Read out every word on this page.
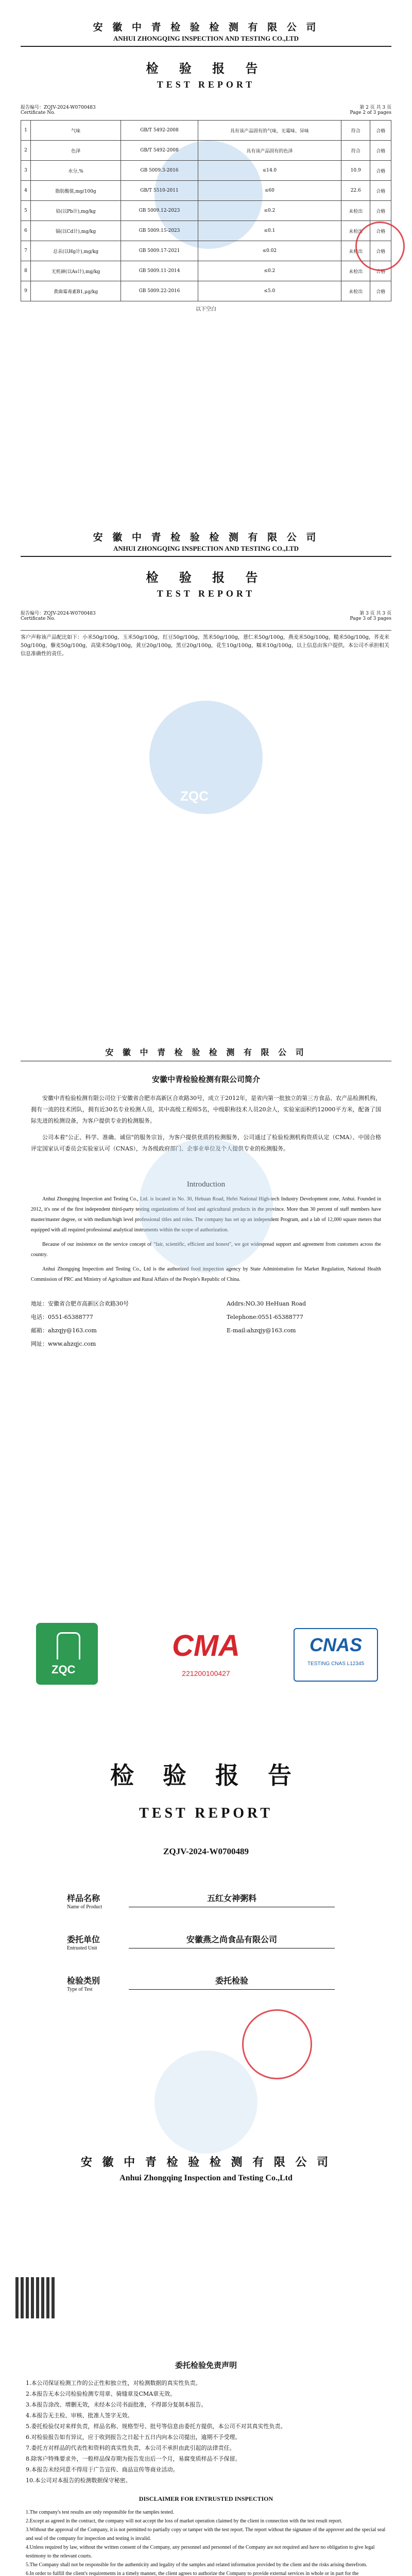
安 徽 中 青 检 验 检 测 有 限 公 司
ANHUI ZHONGQING INSPECTION AND TESTING CO.,LTD
检 验 报 告
TEST REPORT
报告编号：ZQJV-2024-W0700483
Certificate No.
第 2 页 共 3 页
Page 2 of 3 pages
1	气味	GB/T 5492-2008	具有该产品固有的气味，无霉味、异味	符合	合格
2	色泽	GB/T 5492-2008	具有该产品固有的色泽	符合	合格
3	水分,%	GB 5009.3-2016	≤14.0	10.9	合格
4	脂肪酸值,mg/100g	GB/T 5510-2011	≤60	22.6	合格
5	铅(以Pb计),mg/kg	GB 5009.12-2023	≤0.2	未检出	合格
6	镉(以Cd计),mg/kg	GB 5009.15-2023	≤0.1	未检出	合格
7	总汞(以Hg计),mg/kg	GB 5009.17-2021	≤0.02	未检出	合格
8	无机砷(以As计),mg/kg	GB 5009.11-2014	≤0.2	未检出	合格
9	黄曲霉毒素B1,μg/kg	GB 5009.22-2016	≤5.0	未检出	合格
以下空白
安 徽 中 青 检 验 检 测 有 限 公 司
ANHUI ZHONGQING INSPECTION AND TESTING CO.,LTD
检 验 报 告
TEST REPORT
报告编号：ZQJV-2024-W0700483
Certificate No.
第 3 页 共 3 页
Page 3 of 3 pages
客户声称该产品配比如下：小米50g/100g，玉米50g/100g，红豆50g/100g，黑米50g/100g，薏仁米50g/100g，燕麦米50g/100g，糙米50g/100g，荞麦米50g/100g，藜麦50g/100g，高粱米50g/100g，黄豆20g/100g，黑豆20g/100g，花生10g/100g，糯米10g/100g，以上信息由客户提供，本公司不承担相关信息准确性的责任。
ZQC
安 徽 中 青 检 验 检 测 有 限 公 司
安徽中青检验检测有限公司简介
安徽中青检验检测有限公司位于安徽省合肥市高新区合欢路30号，成立于2012年，是省内第一批独立的第三方食品、农产品检测机构，拥有一流的技术团队，拥有近30名专业检测人员，其中高级工程师5名，中级职称技术人员20余人，实验室面积约12000平方米，配备了国际先进的检测设备，为客户提供专业的检测服务。
公司本着"公正、科学、准确、诚信"的服务宗旨，为客户提供优质的检测服务，公司通过了检验检测机构资质认定（CMA）、中国合格评定国家认可委员会实验室认可（CNAS），为各级政府部门、企事业单位及个人提供专业的检测服务。
Introduction
Anhui Zhongqing Inspection and Testing Co., Ltd. is located in No. 30, Hehuan Road, Hefei National High-tech Industry Development zone, Anhui. Founded in 2012, it's one of the first independent third-party testing organizations of food and agricultural products in the province. More than 30 percent of staff members have master/master degree, or with medium/high level professional titles and roles. The company has set up an independent Program, and a lab of 12,000 square meters that equipped with all required professional analytical instruments within the scope of authorization.
Because of our insistence on the service concept of "fair, scientific, efficient and honest", we got widespread support and agreement from customers across the country.
Anhui Zhongqing Inspection and Testing Co., Ltd is the authorized food inspection agency by State Administration for Market Regulation, National Health Commission of PRC and Ministry of Agriculture and Rural Affairs of the People's Republic of China.
地址：安徽省合肥市高新区合欢路30号	Addrs:NO.30 HeHuan Road
电话：0551-65388777	Telephone:0551-65388777
邮箱：ahzqjy@163.com	E-mail:ahzqjy@163.com
网址：www.ahzqjc.com
ZQC
CMA
221200100427
CNAS
TESTING CNAS L12345
检 验 报 告
TEST REPORT
ZQJV-2024-W0700489
样品名称
Name of Product
五红女神粥料
委托单位
Entrusted Unit
安徽燕之尚食品有限公司
检验类别
Type of Test
委托检验
安 徽 中 青 检 验 检 测 有 限 公 司
Anhui Zhongqing Inspection and Testing Co.,Ltd
委托检验免责声明
1.本公司保证检测工作的公正性和独立性，对检测数据的真实性负责。
2.本报告无本公司检验检测专用章、骑缝章及CMA章无效。
3.本报告涂改、增删无效，未经本公司书面批准，不得部分复制本报告。
4.本报告无主检、审核、批准人签字无效。
5.委托检验仅对来样负责，样品名称、规格型号、批号等信息由委托方提供，本公司不对其真实性负责。
6.对检验报告如有异议，应于收到报告之日起十五日内向本公司提出，逾期不予受理。
7.委托方对样品的代表性和资料的真实性负责，本公司不承担由此引起的法律责任。
8.除客户特殊要求外，一般样品保存期为报告发出后一个月，易腐变质样品不予保留。
9.本报告未经同意不得用于广告宣传、商品宣传等商业活动。
10.本公司对本报告的检测数据保守秘密。
DISCLAIMER FOR ENTRUSTED INSPECTION
1.The company's test results are only responsible for the samples tested.
2.Except as agreed in the contract, the company will not accept the loss of market operation claimed by the client in connection with the test result report.
3.Without the approval of the Company, it is not permitted to partially copy or tamper with the test report. The report without the signature of the approver and the special seal and seal of the company for inspection and testing is invalid.
4.Unless required by law, without the written consent of the Company, any personnel and personnel of the Company are not required and have no obligation to give legal testimony to the relevant courts.
5.The Company shall not be responsible for the authenticity and legality of the samples and related information provided by the client and the risks arising therefrom.
6.In order to fulfill the client's requirements in a timely manner, the client agrees to authorize the Company to provide external services in whole or in part for the
